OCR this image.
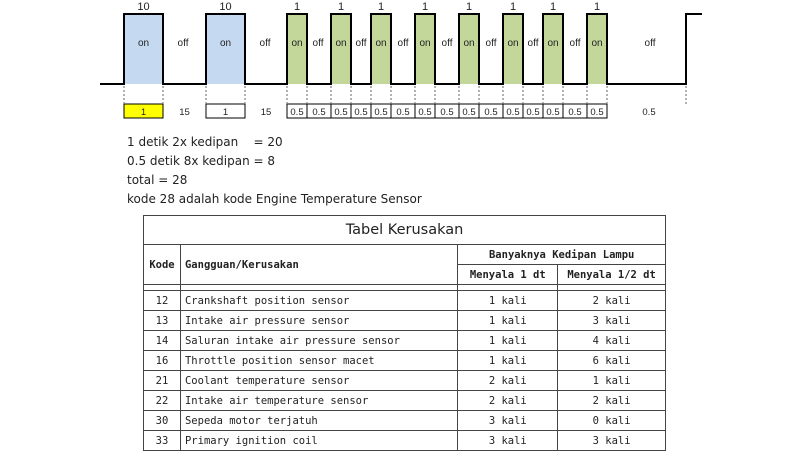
10
on
10
on
1
on
1
on
1
on
1
on
1
on
1
on
1
on
1
on
off	off	off	off	off	off	off	off	off	off
1	15	1	15 0.5 0.5 0.5 0.5 0.5 0.5 0.5 0.5 0.5 0.5 0.5 0.5 0.5 0.5 0.5	0.5
1 detik 2x kedipan    = 20
0.5 detik 8x kedipan = 8
total = 28
kode 28 adalah kode Engine Temperature Sensor
Tabel Kerusakan			
Kode	Gangguan/Kerusakan	Banyaknya Kedipan Lampu	
		Menyala 1 dt	Menyala 1/2 dt

12	Crankshaft position sensor	1 kali	2 kali
13	Intake air pressure sensor	1 kali	3 kali
14	Saluran intake air pressure sensor	1 kali	4 kali
16	Throttle position sensor macet	1 kali	6 kali
21	Coolant temperature sensor	2 kali	1 kali
22	Intake air temperature sensor	2 kali	2 kali
30	Sepeda motor terjatuh	3 kali	0 kali
33	Primary ignition coil	3 kali	3 kali
